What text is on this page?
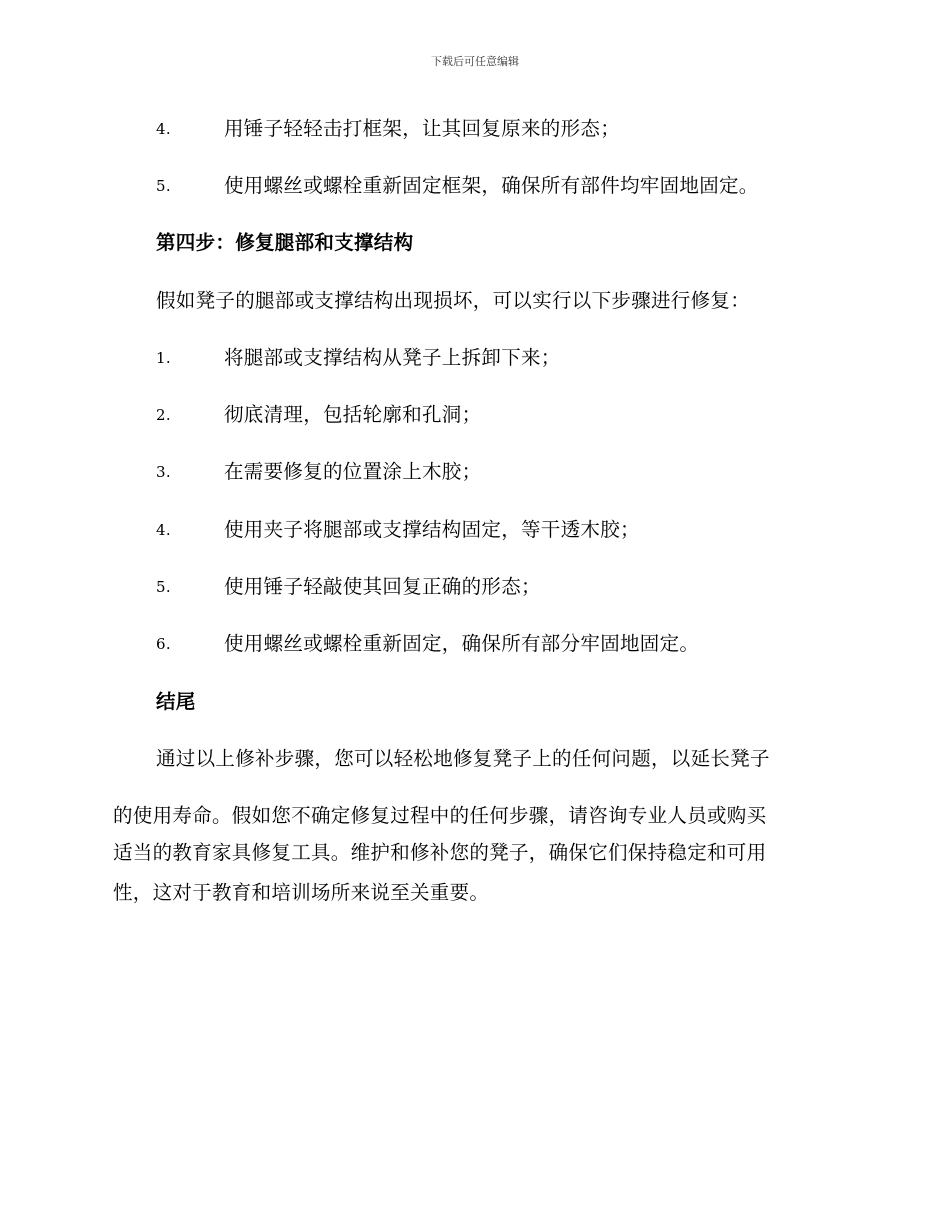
下载后可任意编辑
4.	用锤子轻轻击打框架，让其回复原来的形态；
5.	使用螺丝或螺栓重新固定框架，确保所有部件均牢固地固定。
第四步：修复腿部和支撑结构
假如凳子的腿部或支撑结构出现损坏，可以实行以下步骤进行修复：
1.	将腿部或支撑结构从凳子上拆卸下来；
2.	彻底清理，包括轮廓和孔洞；
3.	在需要修复的位置涂上木胶；
4.	使用夹子将腿部或支撑结构固定，等干透木胶；
5.	使用锤子轻敲使其回复正确的形态；
6.	使用螺丝或螺栓重新固定，确保所有部分牢固地固定。
结尾
通过以上修补步骤，您可以轻松地修复凳子上的任何问题，以延长凳子
的使用寿命。假如您不确定修复过程中的任何步骤，请咨询专业人员或购买
适当的教育家具修复工具。维护和修补您的凳子，确保它们保持稳定和可用
性，这对于教育和培训场所来说至关重要。
